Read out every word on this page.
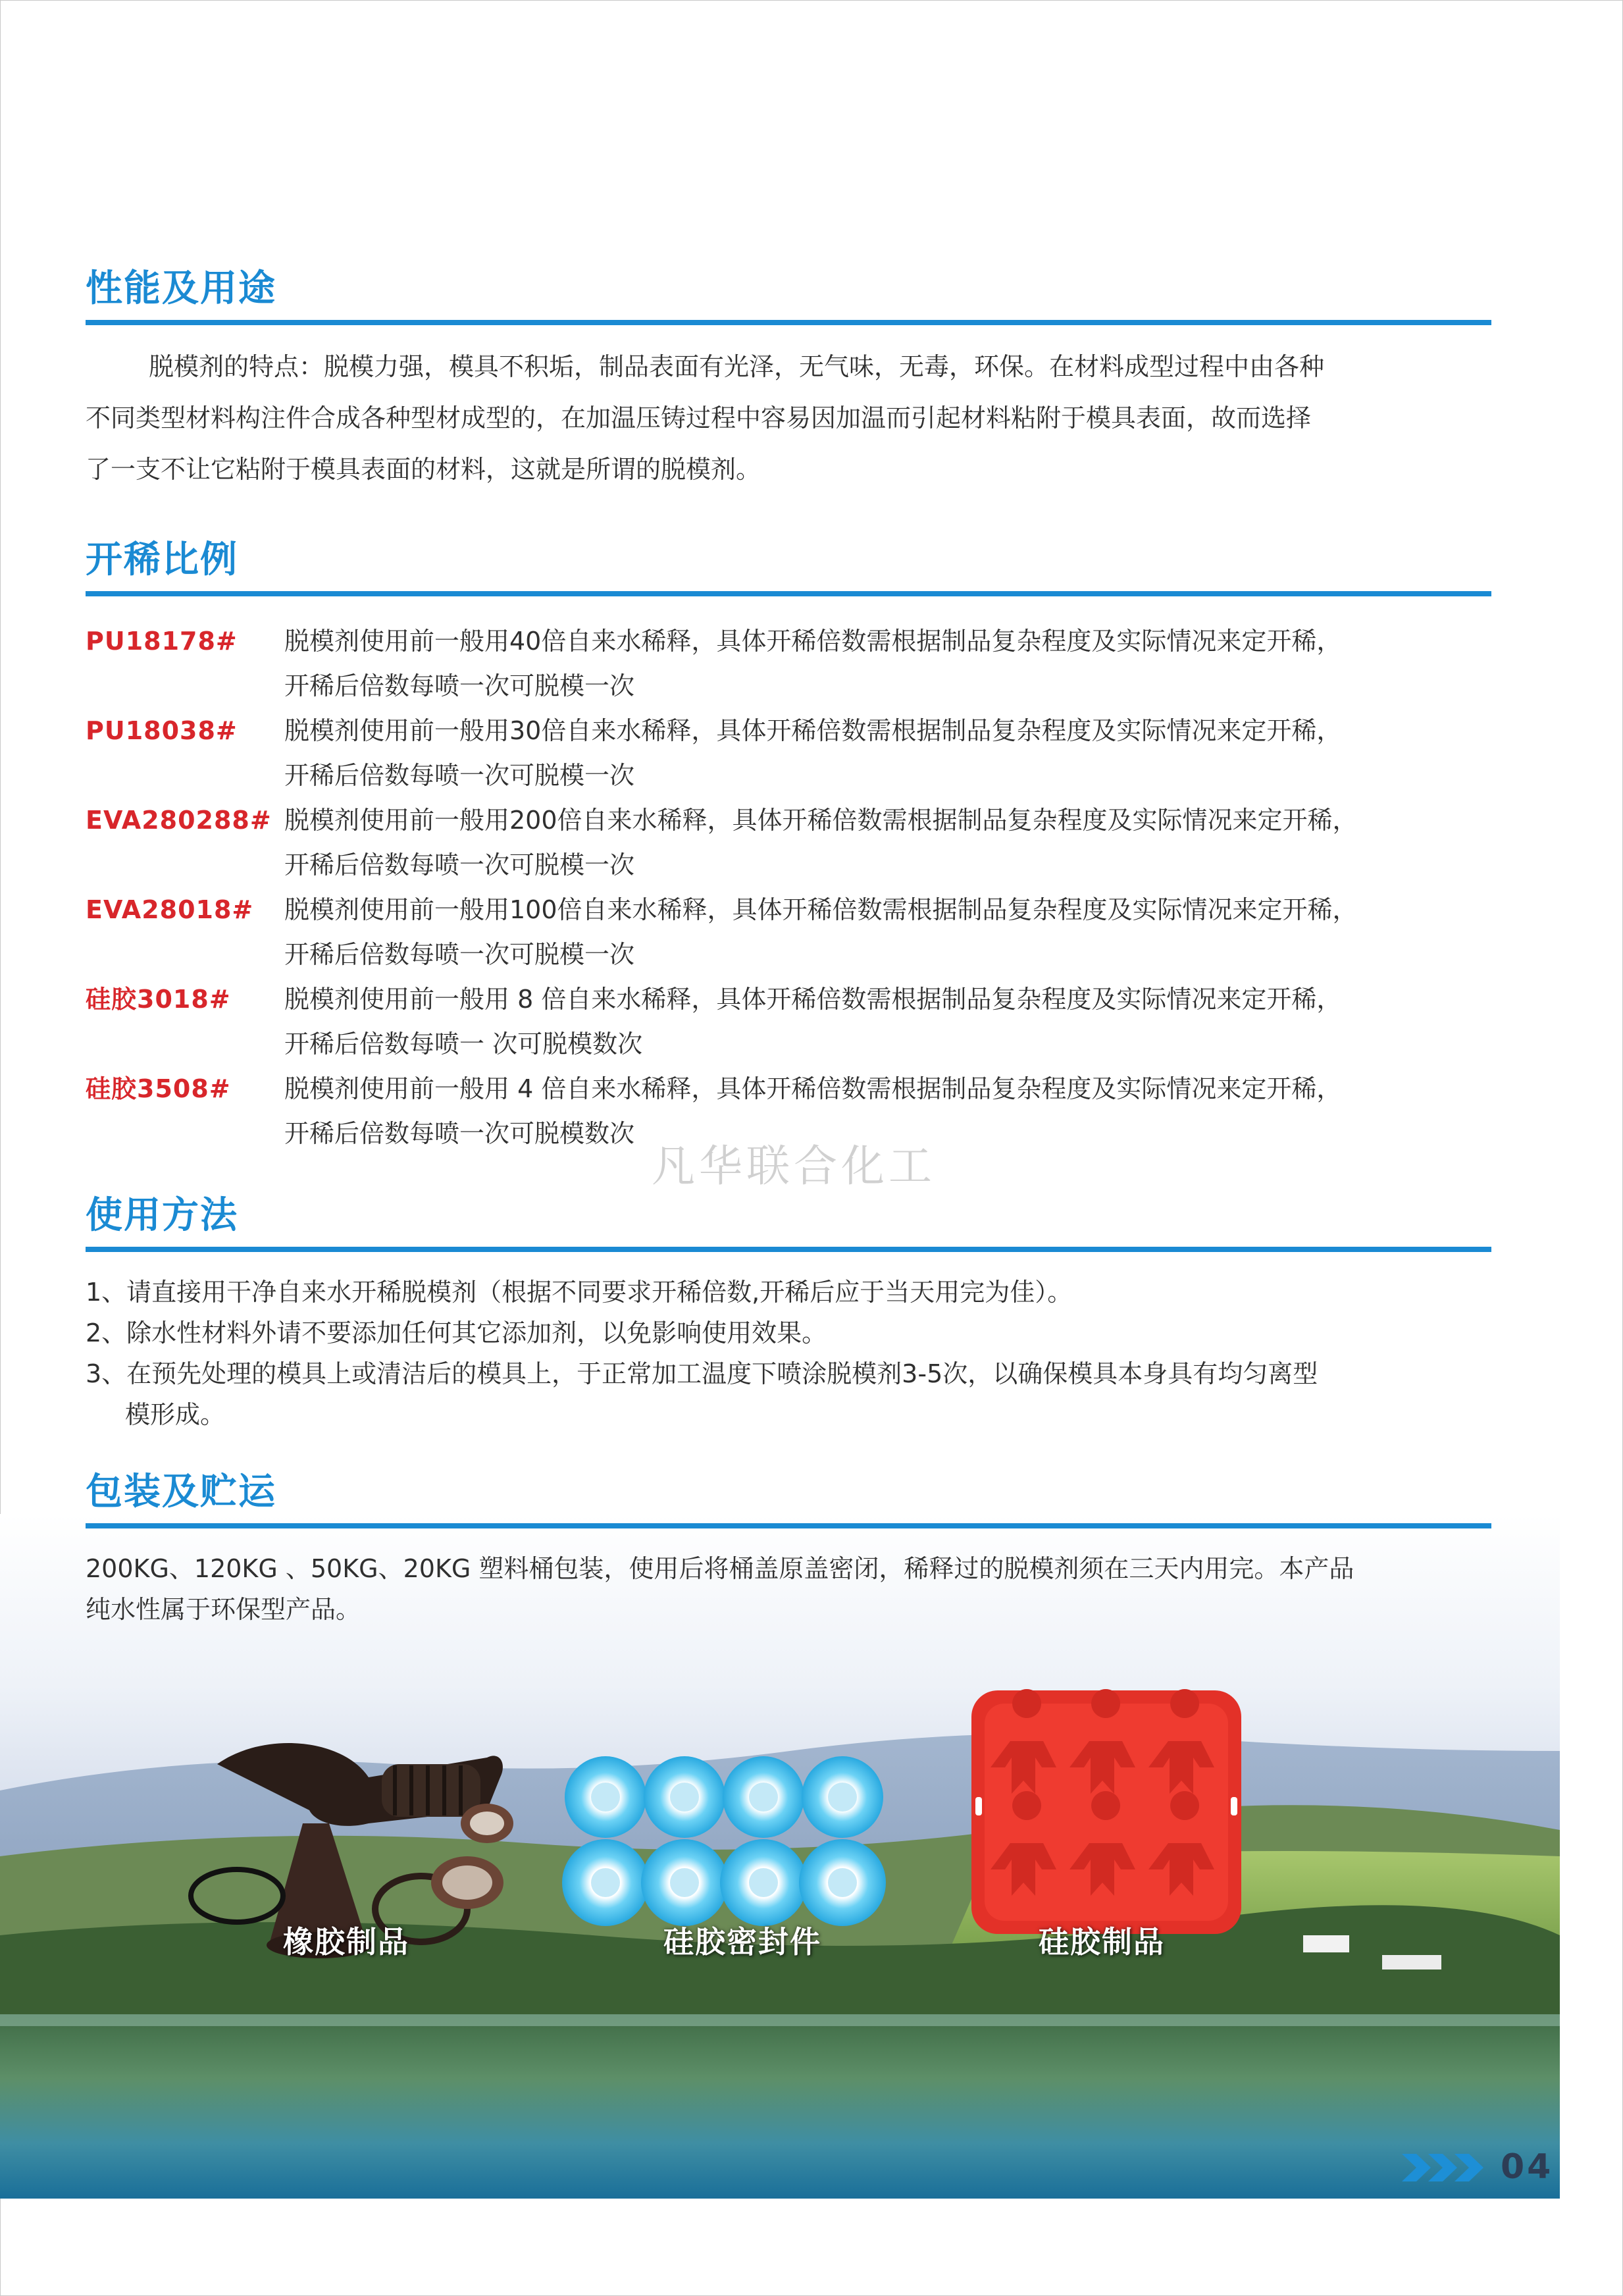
性能及用途
脱模剂的特点：脱模力强，模具不积垢，制品表面有光泽，无气味，无毒，环保。在材料成型过程中由各种
不同类型材料构注件合成各种型材成型的，在加温压铸过程中容易因加温而引起材料粘附于模具表面，故而选择
了一支不让它粘附于模具表面的材料，这就是所谓的脱模剂。
开稀比例
PU18178# 脱模剂使用前一般用40倍自来水稀释，具体开稀倍数需根据制品复杂程度及实际情况来定开稀，
开稀后倍数每喷一次可脱模一次
PU18038# 脱模剂使用前一般用30倍自来水稀释，具体开稀倍数需根据制品复杂程度及实际情况来定开稀，
开稀后倍数每喷一次可脱模一次
EVA280288# 脱模剂使用前一般用200倍自来水稀释，具体开稀倍数需根据制品复杂程度及实际情况来定开稀，
开稀后倍数每喷一次可脱模一次
EVA28018# 脱模剂使用前一般用100倍自来水稀释，具体开稀倍数需根据制品复杂程度及实际情况来定开稀，
开稀后倍数每喷一次可脱模一次
硅胶3018# 脱模剂使用前一般用 8 倍自来水稀释，具体开稀倍数需根据制品复杂程度及实际情况来定开稀，
开稀后倍数每喷一 次可脱模数次
硅胶3508# 脱模剂使用前一般用 4 倍自来水稀释，具体开稀倍数需根据制品复杂程度及实际情况来定开稀，
开稀后倍数每喷一次可脱模数次
凡华联合化工
使用方法
1、请直接用干净自来水开稀脱模剂（根据不同要求开稀倍数,开稀后应于当天用完为佳）。
2、除水性材料外请不要添加任何其它添加剂，以免影响使用效果。
3、在预先处理的模具上或清洁后的模具上，于正常加工温度下喷涂脱模剂3-5次，以确保模具本身具有均匀离型
模形成。
橡胶制品	硅胶密封件	硅胶制品
包装及贮运
200KG、120KG 、50KG、20KG 塑料桶包装，使用后将桶盖原盖密闭，稀释过的脱模剂须在三天内用完。本产品
纯水性属于环保型产品。
04
